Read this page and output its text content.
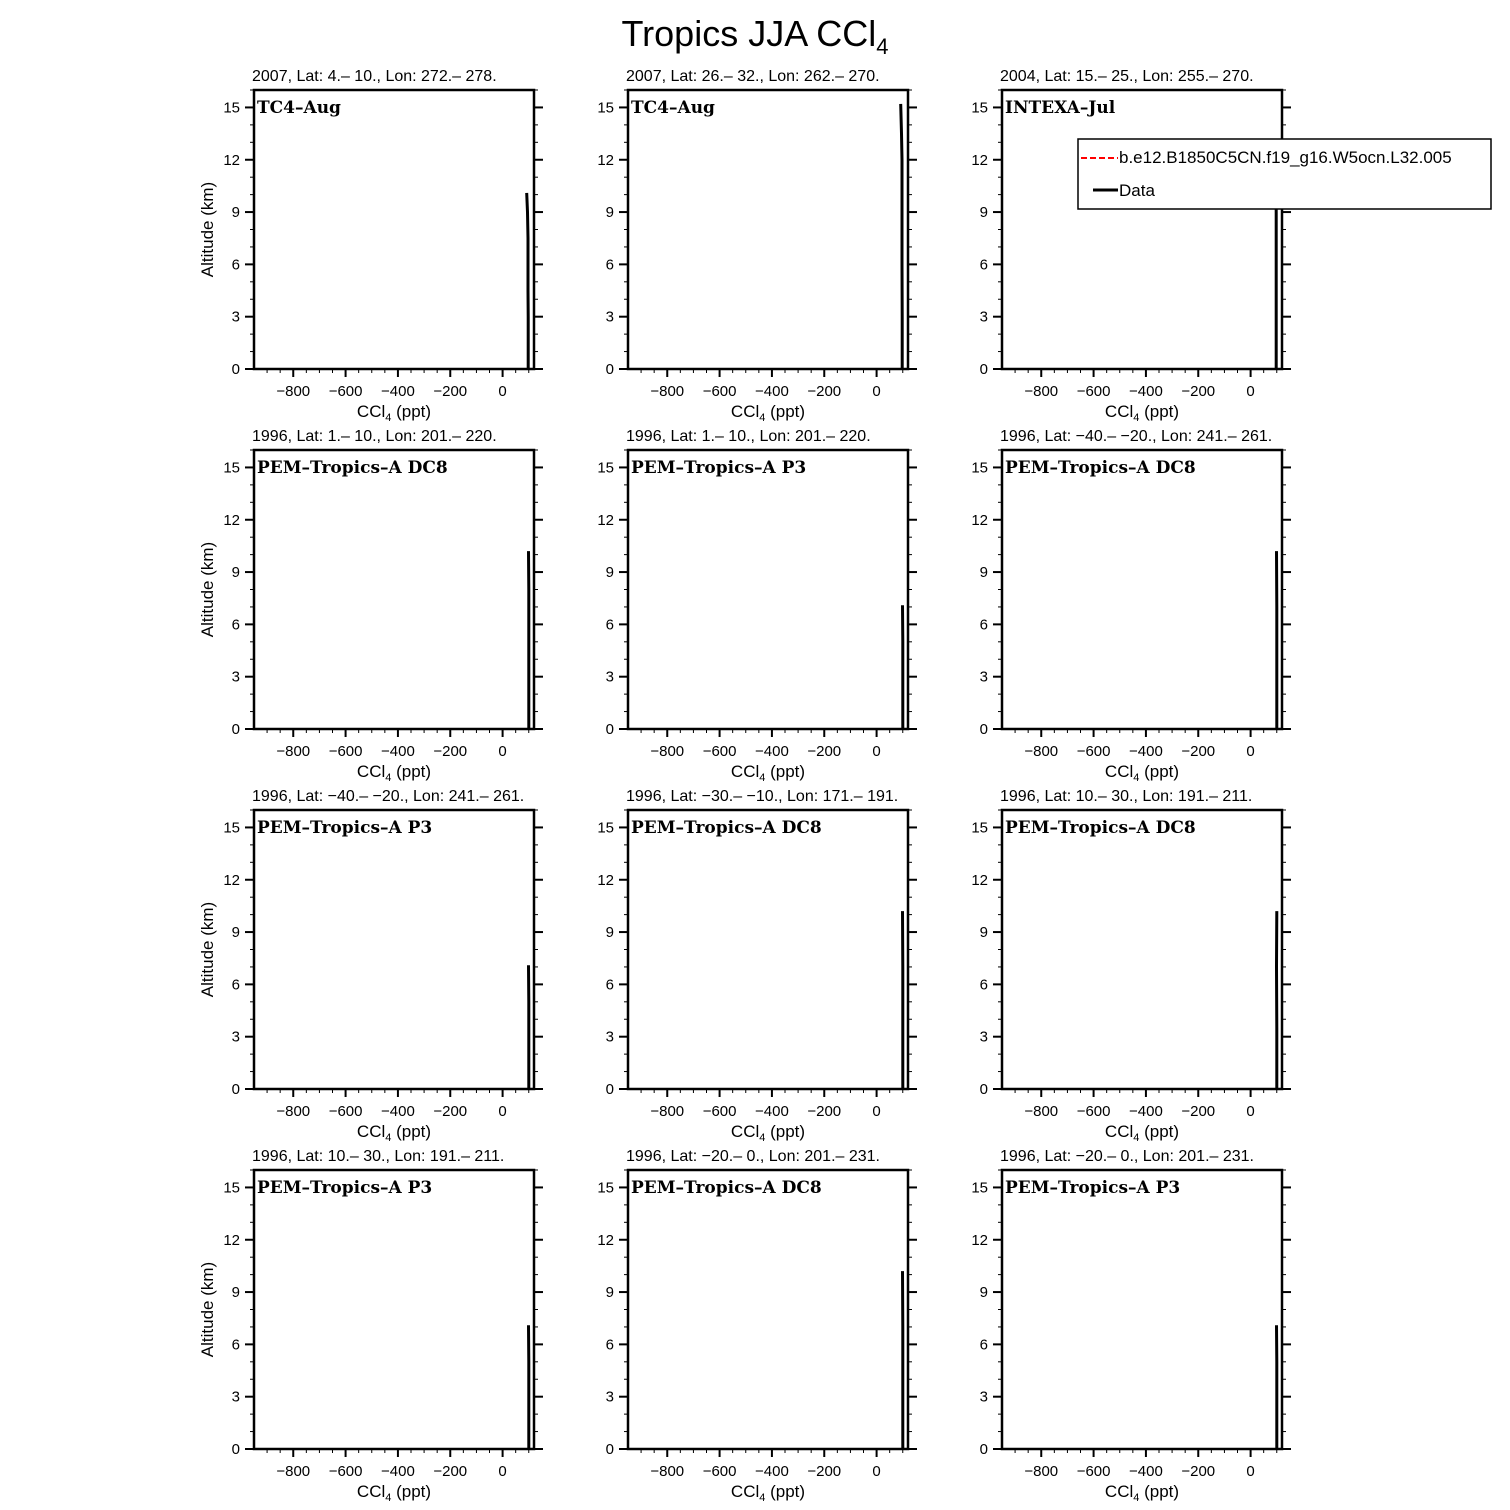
Tropics JJA CCl$_4$
2007, Lat: 4.– 10., Lon: 272.– 278.
0
3
6
9
12
15
−800 −600 −400 −200 0
CCl$_4$ (ppt)
Altitude (km)
TC4–Aug
2007, Lat: 26.– 32., Lon: 262.– 270.
0
3
6
9
12
15
−800 −600 −400 −200 0
CCl$_4$ (ppt)
TC4–Aug
2004, Lat: 15.– 25., Lon: 255.– 270.
0
3
6
9
12
15
−800 −600 −400 −200 0
CCl$_4$ (ppt)
INTEXA–Jul
1996, Lat: 1.– 10., Lon: 201.– 220.
0
3
6
9
12
15
−800 −600 −400 −200 0
CCl$_4$ (ppt)
Altitude (km)
PEM–Tropics–A DC8
1996, Lat: 1.– 10., Lon: 201.– 220.
0
3
6
9
12
15
−800 −600 −400 −200 0
CCl$_4$ (ppt)
PEM–Tropics–A P3
1996, Lat: −40.– −20., Lon: 241.– 261.
0
3
6
9
12
15
−800 −600 −400 −200 0
CCl$_4$ (ppt)
PEM–Tropics–A DC8
1996, Lat: −40.– −20., Lon: 241.– 261.
0
3
6
9
12
15
−800 −600 −400 −200 0
CCl$_4$ (ppt)
Altitude (km)
PEM–Tropics–A P3
1996, Lat: −30.– −10., Lon: 171.– 191.
0
3
6
9
12
15
−800 −600 −400 −200 0
CCl$_4$ (ppt)
PEM–Tropics–A DC8
1996, Lat: 10.– 30., Lon: 191.– 211.
0
3
6
9
12
15
−800 −600 −400 −200 0
CCl$_4$ (ppt)
PEM–Tropics–A DC8
1996, Lat: 10.– 30., Lon: 191.– 211.
0
3
6
9
12
15
−800 −600 −400 −200 0
CCl$_4$ (ppt)
Altitude (km)
PEM–Tropics–A P3
1996, Lat: −20.– 0., Lon: 201.– 231.
0
3
6
9
12
15
−800 −600 −400 −200 0
CCl$_4$ (ppt)
PEM–Tropics–A DC8
1996, Lat: −20.– 0., Lon: 201.– 231.
0
3
6
9
12
15
−800 −600 −400 −200 0
CCl$_4$ (ppt)
PEM–Tropics–A P3
b.e12.B1850C5CN.f19_g16.W5ocn.L32.005
Data
